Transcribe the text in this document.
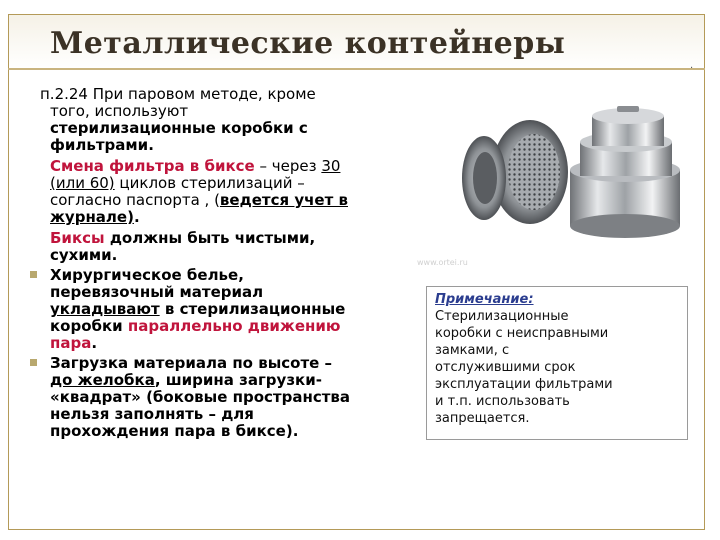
Металлические контейнеры
.
п.2.24 При паровом методе, кроме
того, используют
стерилизационные коробки с
фильтрами.
Смена фильтра в биксе – через 30
(или 60) циклов стерилизаций –
согласно паспорта , (ведется учет в
журнале).
Биксы должны быть чистыми,
сухими.
Хирургическое белье,
перевязочный материал
укладывают в стерилизационные
коробки параллельно движению
пара.
Загрузка материала по высоте –
до желобка, ширина загрузки-
«квадрат» (боковые пространства
нельзя заполнять – для
прохождения пара в биксе).
www.ortei.ru
Примечание:
Стерилизационные
коробки с неисправными
замками, с
отслужившими срок
эксплуатации фильтрами
и т.п. использовать
запрещается.
